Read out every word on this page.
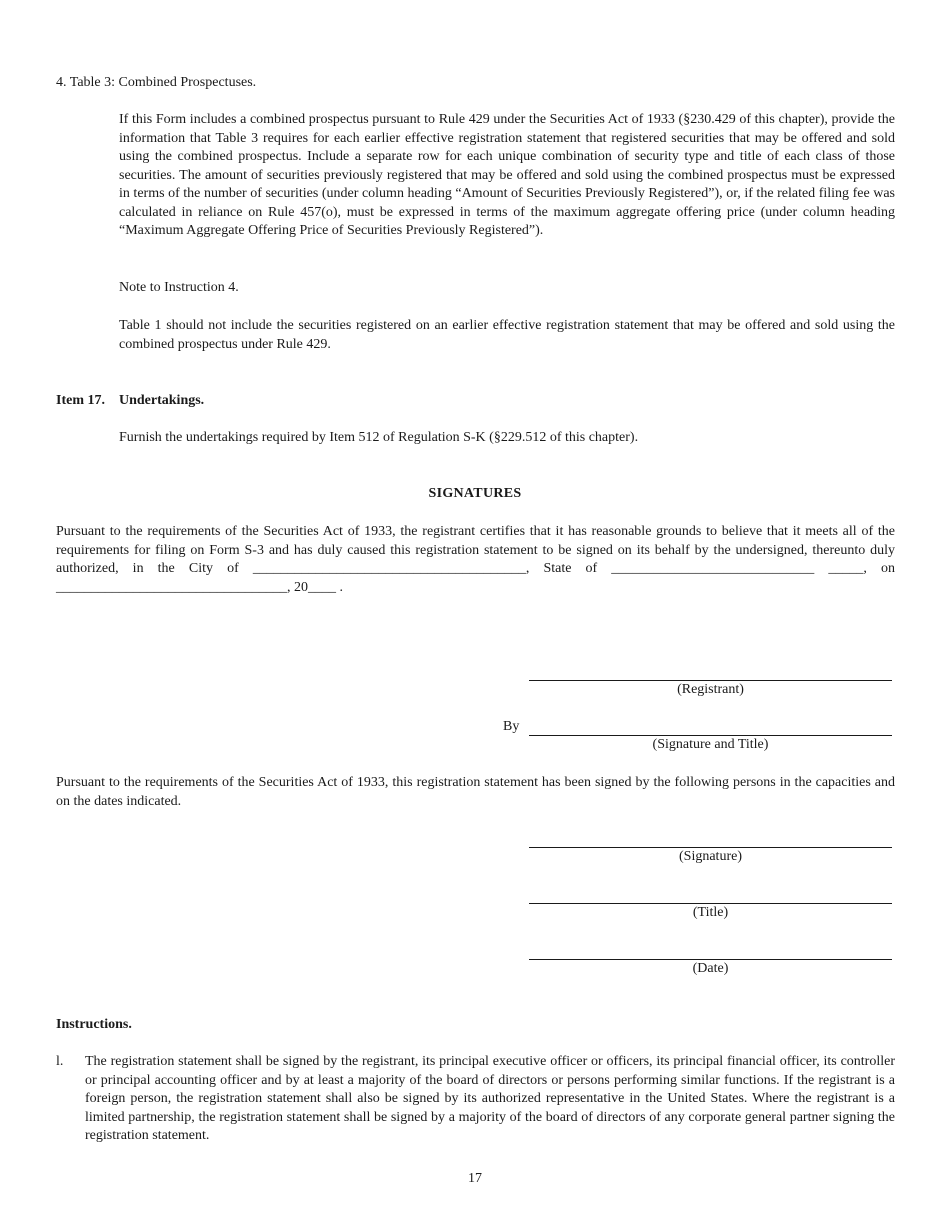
4. Table 3: Combined Prospectuses.
If this Form includes a combined prospectus pursuant to Rule 429 under the Securities Act of 1933 (§230.429 of this chapter), provide the information that Table 3 requires for each earlier effective registration statement that registered securities that may be offered and sold using the combined prospectus. Include a separate row for each unique combination of security type and title of each class of those securities. The amount of securities previously registered that may be offered and sold using the combined prospectus must be expressed in terms of the number of securities (under column heading “Amount of Securities Previously Registered”), or, if the related filing fee was calculated in reliance on Rule 457(o), must be expressed in terms of the maximum aggregate offering price (under column heading “Maximum Aggregate Offering Price of Securities Previously Registered”).
Note to Instruction 4.
Table 1 should not include the securities registered on an earlier effective registration statement that may be offered and sold using the combined prospectus under Rule 429.
Item 17. Undertakings.
Furnish the undertakings required by Item 512 of Regulation S-K (§229.512 of this chapter).
SIGNATURES
Pursuant to the requirements of the Securities Act of 1933, the registrant certifies that it has reasonable grounds to believe that it meets all of the requirements for filing on Form S-3 and has duly caused this registration statement to be signed on its behalf by the undersigned, thereunto duly authorized, in the City of _______________________________________, State of _____________________________ _____, on _________________________________, 20____ .
(Registrant)
By
(Signature and Title)
Pursuant to the requirements of the Securities Act of 1933, this registration statement has been signed by the following persons in the capacities and on the dates indicated.
(Signature)
(Title)
(Date)
Instructions.
l. The registration statement shall be signed by the registrant, its principal executive officer or officers, its principal financial officer, its controller or principal accounting officer and by at least a majority of the board of directors or persons performing similar functions. If the registrant is a foreign person, the registration statement shall also be signed by its authorized representative in the United States. Where the registrant is a limited partnership, the registration statement shall be signed by a majority of the board of directors of any corporate general partner signing the registration statement.
17
